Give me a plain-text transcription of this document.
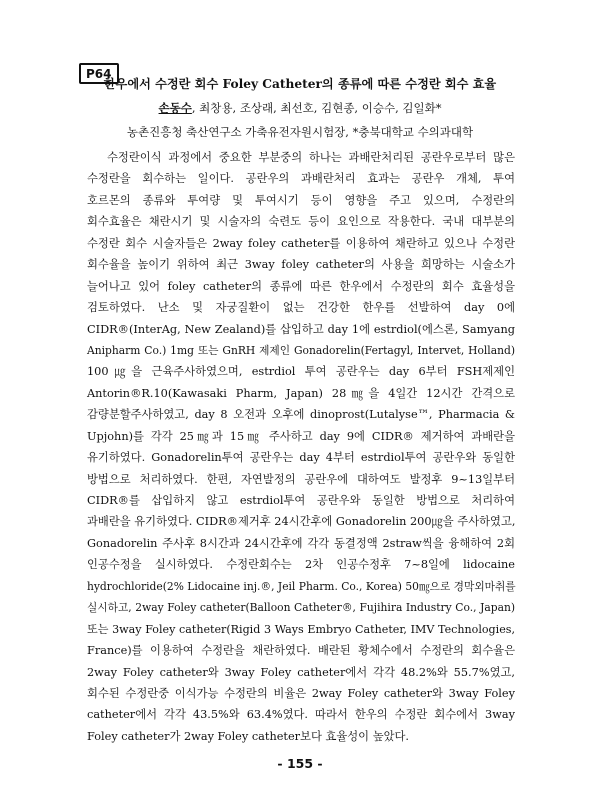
P64
한우에서 수정란 회수 Foley Catheter의 종류에 따른 수정란 회수 효율
손동수, 최창용, 조상래, 최선호, 김현종, 이승수, 김일화*
농촌진흥청 축산연구소 가축유전자원시험장, *충북대학교 수의과대학
수정란이식 과정에서 중요한 부분중의 하나는 과배란처리된 공란우로부터 많은
수정란을 회수하는 일이다. 공란우의 과배란처리 효과는 공란우 개체, 투여
호르몬의 종류와 투여량 및 투여시기 등이 영향을 주고 있으며, 수정란의
회수효율은 채란시기 및 시술자의 숙련도 등이 요인으로 작용한다. 국내 대부분의
수정란 회수 시술자들은 2way foley catheter를 이용하여 채란하고 있으나 수정란
회수율을 높이기 위하여 최근 3way foley catheter의 사용을 희망하는 시술소가
늘어나고 있어 foley catheter의 종류에 따른 한우에서 수정란의 회수 효율성을
검토하였다. 난소 및 자궁질환이 없는 건강한 한우를 선발하여 day 0에
CIDR®(InterAg, New Zealand)를 삽입하고 day 1에 estrdiol(에스론, Samyang
Anipharm Co.) 1mg 또는 GnRH 제제인 Gonadorelin(Fertagyl, Intervet, Holland)
100㎍을 근육주사하였으며, estrdiol 투여 공란우는 day 6부터 FSH제제인
Antorin®R.10(Kawasaki Pharm, Japan) 28㎎을 4일간 12시간 간격으로
감량분할주사하였고, day 8 오전과 오후에 dinoprost(Lutalyse™, Pharmacia &
Upjohn)를 각각 25㎎과 15㎎ 주사하고 day 9에 CIDR® 제거하여 과배란을
유기하였다. Gonadorelin투여 공란우는 day 4부터 estrdiol투여 공란우와 동일한
방법으로 처리하였다. 한편, 자연발정의 공란우에 대하여도 발정후 9~13일부터
CIDR®를 삽입하지 않고 estrdiol투여 공란우와 동일한 방법으로 처리하여
과배란을 유기하였다. CIDR®제거후 24시간후에 Gonadorelin 200㎍을 주사하였고,
Gonadorelin 주사후 8시간과 24시간후에 각각 동결정액 2straw씩을 융해하여 2회
인공수정을 실시하였다. 수정란회수는 2차 인공수정후 7~8일에 lidocaine
hydrochloride(2% Lidocaine inj.®, Jeil Pharm. Co., Korea) 50㎎으로 경막외마취를
실시하고, 2way Foley catheter(Balloon Catheter®, Fujihira Industry Co., Japan)
또는 3way Foley catheter(Rigid 3 Ways Embryo Catheter, IMV Technologies,
France)를 이용하여 수정란을 채란하였다. 배란된 황체수에서 수정란의 회수율은
2way Foley catheter와 3way Foley catheter에서 각각 48.2%와 55.7%였고,
회수된 수정란중 이식가능 수정란의 비율은 2way Foley catheter와 3way Foley
catheter에서 각각 43.5%와 63.4%였다. 따라서 한우의 수정란 회수에서 3way
Foley catheter가 2way Foley catheter보다 효율성이 높았다.
- 155 -
